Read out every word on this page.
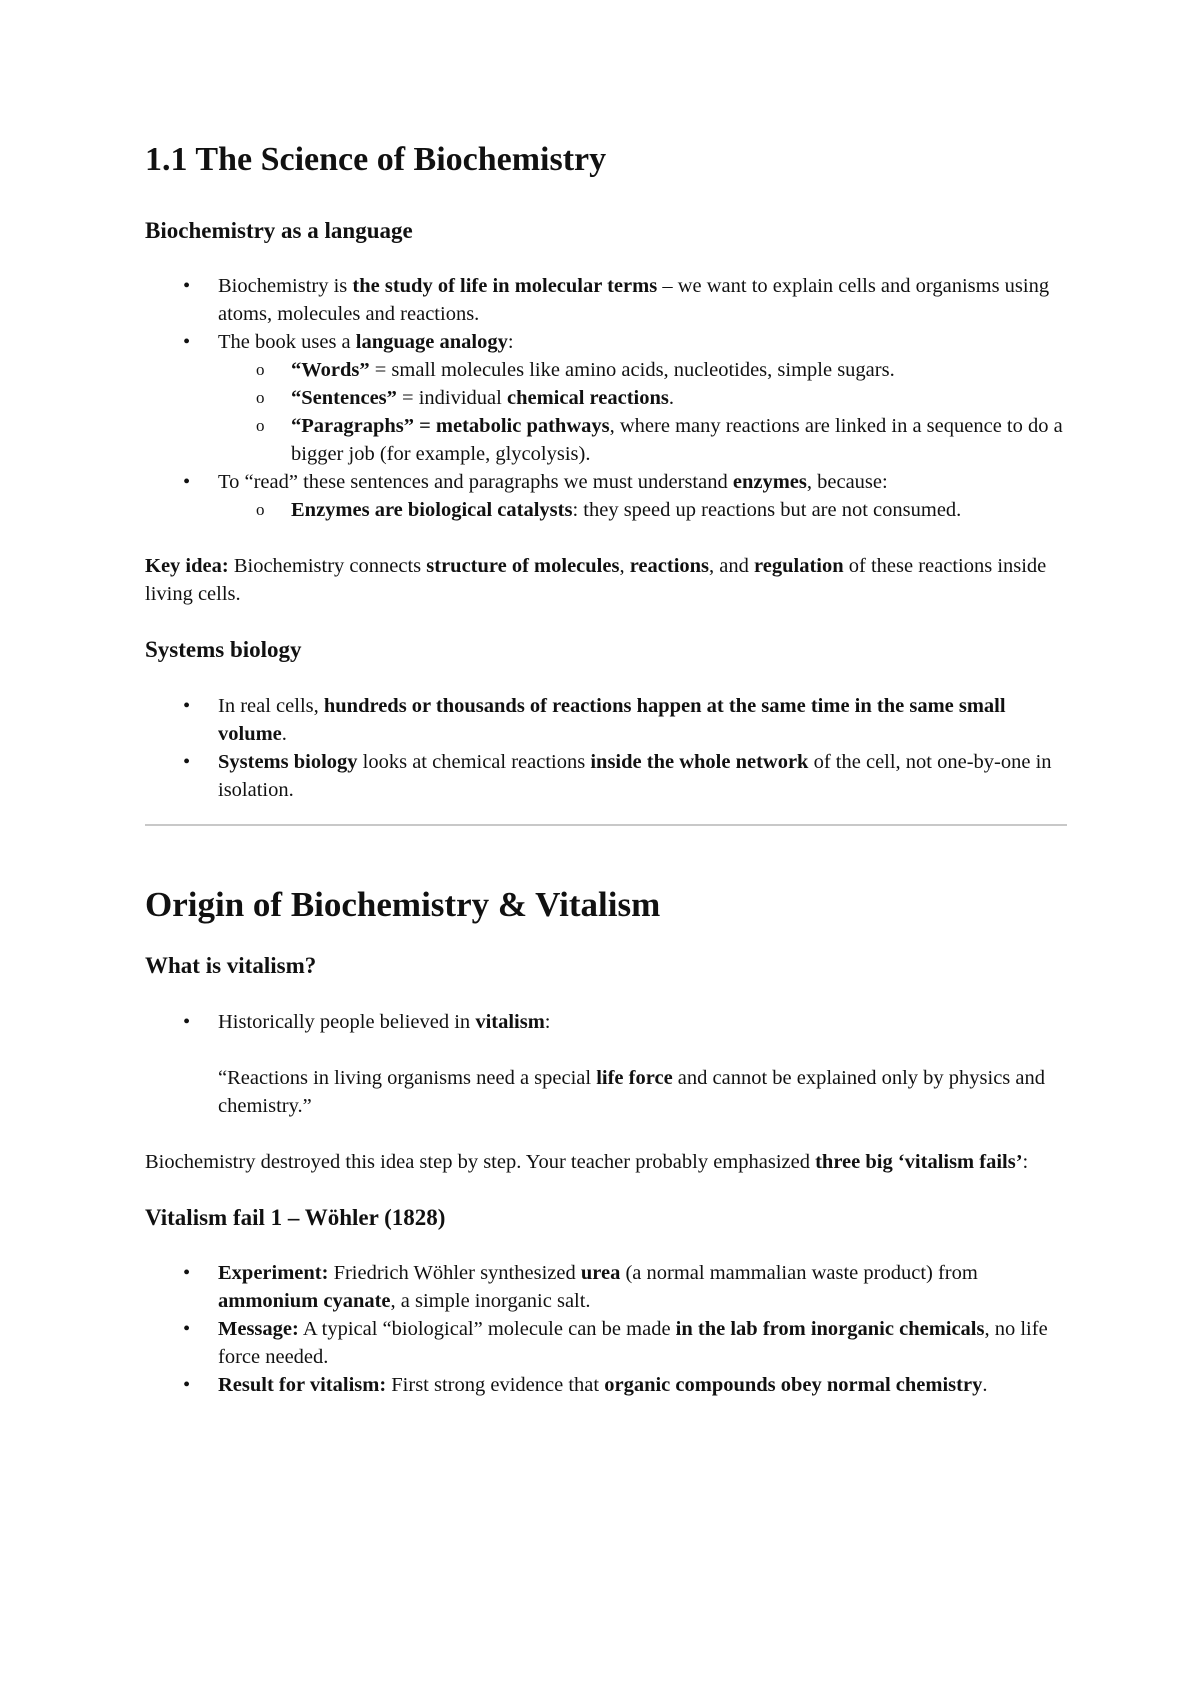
1.1 The Science of Biochemistry
Biochemistry as a language
• Biochemistry is the study of life in molecular terms – we want to explain cells and organisms using atoms, molecules and reactions.
• The book uses a language analogy:
o “Words” = small molecules like amino acids, nucleotides, simple sugars.
o “Sentences” = individual chemical reactions.
o “Paragraphs” = metabolic pathways, where many reactions are linked in a sequence to do a bigger job (for example, glycolysis).
• To “read” these sentences and paragraphs we must understand enzymes, because:
o Enzymes are biological catalysts: they speed up reactions but are not consumed.

Key idea: Biochemistry connects structure of molecules, reactions, and regulation of these reactions inside living cells.

Systems biology
• In real cells, hundreds or thousands of reactions happen at the same time in the same small volume.
• Systems biology looks at chemical reactions inside the whole network of the cell, not one-by-one in isolation.
Origin of Biochemistry & Vitalism
What is vitalism?
• Historically people believed in vitalism:

“Reactions in living organisms need a special life force and cannot be explained only by physics and chemistry.”

Biochemistry destroyed this idea step by step. Your teacher probably emphasized three big ‘vitalism fails’:

Vitalism fail 1 – Wöhler (1828)
• Experiment: Friedrich Wöhler synthesized urea (a normal mammalian waste product) from ammonium cyanate, a simple inorganic salt.
• Message: A typical “biological” molecule can be made in the lab from inorganic chemicals, no life force needed.
• Result for vitalism: First strong evidence that organic compounds obey normal chemistry.
